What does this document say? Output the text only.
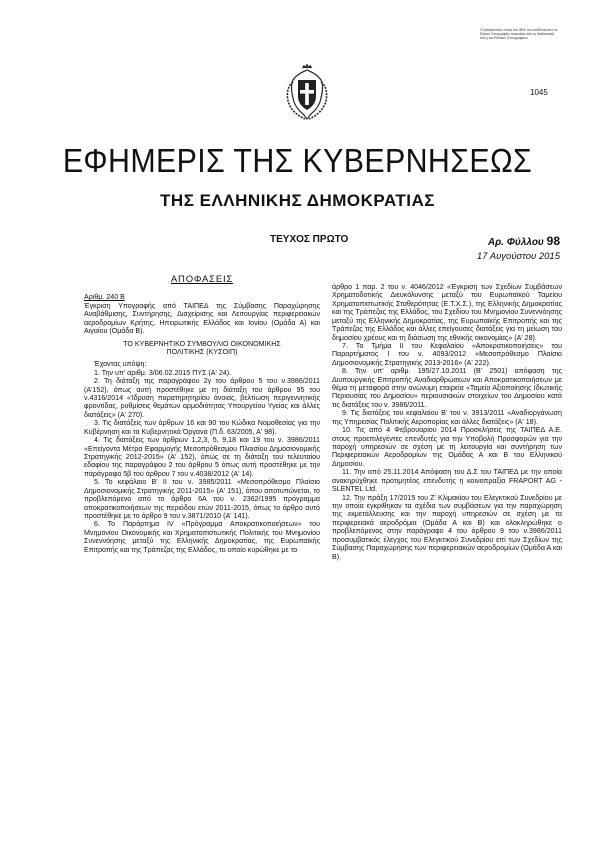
Ο ηλεκτρονικός τύπος του ΦΕΚ που εκδίδεται από το Εθνικό Τυπογραφείο ανακτάται από τη διαδικτυακή πύλη του Εθνικού Τυπογραφείου
1045
ΕΦΗΜΕΡΙΣ ΤΗΣ ΚΥΒΕΡΝΗΣΕΩΣ
ΤΗΣ ΕΛΛΗΝΙΚΗΣ ΔΗΜΟΚΡΑΤΙΑΣ
ΤΕΥΧΟΣ ΠΡΩΤΟ	Αρ. Φύλλου 98
17 Αυγούστου 2015

ΑΠΟΦΑΣΕΙΣ

Αριθμ. 240 Β

Έγκριση Υπογραφής από ΤΑΙΠΕΔ της Σύμβασης Παραχώρησης Αναβάθμισης, Συντήρησης, Διαχείρισης και Λειτουργίας περιφερειακών αεροδρομίων Κρήτης, Ηπειρωτικής Ελλάδος και Ιονίου (Ομάδα Α) και Αιγαίου (Ομάδα Β).

ΤΟ ΚΥΒΕΡΝΗΤΙΚΟ ΣΥΜΒΟΥΛΙΟ ΟΙΚΟΝΟΜΙΚΗΣ

ΠΟΛΙΤΙΚΗΣ (ΚΥΣΟΙΠ)

Έχοντας υπόψη:

1. Την υπ' αριθμ. 3/06.02.2015 ΠΥΣ (Α' 24).

2. Τη διάταξη της παραγράφου 2γ του άρθρου 5 του ν.3986/2011 (Α'152), όπως αυτή προστέθηκε με τη διάταξη του άρθρου 95 του ν.4316/2014 «Ίδρυση παρατηρητηρίου άνοιας, βελτίωση περιγεννητικής φροντίδας, ρυθμίσεις θεμάτων αρμοδιότητας Υπουργείου Υγείας και άλλες διατάξεις» (Α' 270).

3. Τις διατάξεις των άρθρων 16 και 90 του Κώδικα Νομοθεσίας για την Κυβέρνηση και τα Κυβερνητικά Όργανα (Π.δ. 63/2005, Α' 98).

4. Τις διατάξεις των άρθρων 1,2,3, 5, 9,18 και 19 του ν. 3986/2011 «Επείγοντα Μέτρα Εφαρμογής Μεσοπρόθεσμου Πλαισίου Δημοσιονομικής Στρατηγικής 2012-2015» (Α' 152), όπως σε τη διάταξη του τελευταίου εδαφίου της παραγράφου 2 του άρθρου 5 όπως αυτή προστέθηκε με την παράγραφο 5β του άρθρου 7 του ν.4038/2012 (Α' 14).

5. Το κεφάλαιο Β' ΙΙ του ν. 3985/2011 «Μεσοπρόθεσμο Πλαίσιο Δημοσιονομικής Στρατηγικής 2011-2015» (Α' 151), όπου αποτυπώνεται, το προβλεπόμενο από το άρθρο 6Α του ν. 2362/1995 πρόγραμμα αποκρατικοποιήσεων της περιόδου ετών 2011-2015, όπως το άρθρο αυτό προστέθηκε με το άρθρο 9 του ν.3871/2010 (Α' 141).

6. Το Παράρτημα IV «Πρόγραμμα Αποκρατικοποιήσεων» του Μνημονίου Οικονομικής και Χρηματοπιστωτικής Πολιτικής του Μνημονίου Συνεννόησης μεταξύ της Ελληνικής Δημοκρατίας, της Ευρωπαϊκής Επιτροπής και της Τράπεζας της Ελλάδος, το οποίο κυρώθηκε με το

άρθρο 1 παρ. 2 του ν. 4046/2012 «Έγκριση των Σχεδίων Συμβάσεων Χρηματοδοτικής Διευκόλυνσης μεταξύ του Ευρωπαϊκού Ταμείου Χρηματοπιστωτικής Σταθερότητας (Ε.Τ.Χ.Σ.), της Ελληνικής Δημοκρατίας και της Τράπεζας της Ελλάδος, του Σχεδίου του Μνημονίου Συνεννόησης μεταξύ της Ελληνικής Δημοκρατίας, της Ευρωπαϊκής Επιτροπής και της Τράπεζας της Ελλάδος και άλλες επείγουσες διατάξεις για τη μείωση του δημοσίου χρέους και τη διάσωση της εθνικής οικονομίας» (Α' 28).

7. Το Τμήμα ΙΙ του Κεφαλαίου «Αποκρατικοποιήσεις» του Παραρτήματος Ι του ν. 4093/2012 «Μεσοπρόθεσμο Πλαίσιο Δημοσιονομικής Στρατηγικής 2013-2016» (Α' 222).

8. Την υπ' αριθμ. 195/27.10.2011 (Β' 2501) απόφαση της Διυπουργικής Επιτροπής Αναδιαρθρώσεων και Αποκρατικοποιήσεων με θέμα τη μεταφορά στην ανώνυμη εταιρεία «Ταμείο Αξιοποίησης Ιδιωτικής Περιουσίας του Δημοσίου» περιουσιακών στοιχείων του Δημοσίου κατά τις διατάξεις του ν. 3986/2011.

9. Τις διατάξεις του κεφαλαίου Β' του ν. 3913/2011 «Αναδιοργάνωση της Υπηρεσίας Πολιτικής Αεροπορίας και άλλες διατάξεις» (Α' 18).

10. Τις από 4 Φεβρουαρίου 2014 Προσκλήσεις της ΤΑΙΠΕΔ Α.Ε. στους προεπιλεγέντες επενδυτές για την Υποβολή Προσφορών για την παροχή υπηρεσιών σε σχέση με τη λειτουργία και συντήρηση των Περιφερειακών Αεροδρομίων της Ομάδας Α και Β του Ελληνικού Δημοσίου.

11. Την από 25.11.2014 Απόφαση του Δ.Σ του ΤΑΙΠΕΔ με την οποία ανακηρύχθηκε προτιμητέος επενδυτής η κοινοπραξία FRAPORT AG - SLENTEL Ltd.

12. Την πράξη 17/2015 του Ζ' Κλιμακίου του Ελεγκτικού Συνεδρίου με την οποία εγκρίθηκαν τα σχέδια των συμβάσεων για την παραχώρηση της εκμετάλλευσης και την παροχή υπηρεσιών σε σχέση με τα περιφερειακά αεροδρόμια (Ομάδα Α και Β) και ολοκληρώθηκε ο προβλεπόμενος στην παράγραφο 4 του άρθρου 9 του ν.3986/2011 προσυμβατικός έλεγχος του Ελεγκτικού Συνεδρίου επί των Σχεδίων της Σύμβασης Παραχώρησης των περιφερειακών αεροδρομίων (Ομάδα Α και Β).
